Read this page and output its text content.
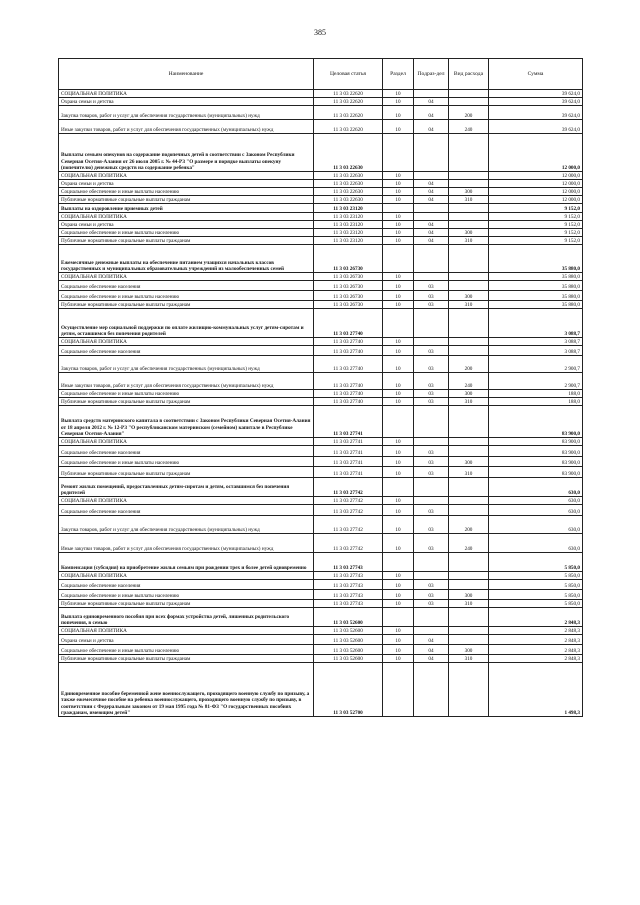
385
Наименование	Целовая статья	Раздел	Подраз-дел	Вид расхода	Сумма
СОЦИАЛЬНАЯ ПОЛИТИКА	11 3 03 22620	10			39 624,0
Охрана семьи и детства	11 3 03 22620	10	04		39 624,0
Закупка товаров, работ и услуг для обеспечения государственных (муниципальных) нужд	11 3 03 22620	10	04	200	39 624,0
Иные закупки товаров, работ и услуг для обеспечения государственных (муниципальных) нужд	11 3 03 22620	10	04	240	39 624,0
Выплаты семьям опекунов на содержание подопечных детей в соответствии с Законом Республики Северная Осетия-Алания от 26 июля 2005 г. № 44-РЗ "О размере и порядке выплаты опекуну (попечителю) денежных средств на содержание ребенка"	11 3 03 22630				12 000,0
СОЦИАЛЬНАЯ ПОЛИТИКА	11 3 03 22630	10			12 000,0
Охрана семьи и детства	11 3 03 22630	10	04		12 000,0
Социальное обеспечение и иные выплаты населению	11 3 03 22630	10	04	300	12 000,0
Публичные нормативные социальные выплаты гражданам	11 3 03 22630	10	04	310	12 000,0
Выплаты на оздоровление приемных детей	11 3 03 23120				9 152,0
СОЦИАЛЬНАЯ ПОЛИТИКА	11 3 03 23120	10			9 152,0
Охрана семьи и детства	11 3 03 23120	10	04		9 152,0
Социальное обеспечение и иные выплаты населению	11 3 03 23120	10	04	300	9 152,0
Публичные нормативные социальные выплаты гражданам	11 3 03 23120	10	04	310	9 152,0
Ежемесячные денежные выплаты на обеспечение питанием учащихся начальных классов государственных и муниципальных образовательных учреждений из малообеспеченных семей	11 3 03 26730				35 880,0
СОЦИАЛЬНАЯ ПОЛИТИКА	11 3 03 26730	10			35 880,0
Социальное обеспечение населения	11 3 03 26730	10	03		35 880,0
Социальное обеспечение и иные выплаты населению	11 3 03 26730	10	03	300	35 880,0
Публичные нормативные социальные выплаты гражданам	11 3 03 26730	10	03	310	35 880,0
Осуществление мер социальной поддержки по оплате жилищно-коммунальных услуг детям-сиротам и детям, оставшимся без попечения родителей	11 3 03 27740				3 088,7
СОЦИАЛЬНАЯ ПОЛИТИКА	11 3 03 27740	10			3 088,7
Социальное обеспечение населения	11 3 03 27740	10	03		3 088,7
Закупка товаров, работ и услуг для обеспечения государственных (муниципальных) нужд	11 3 03 27740	10	03	200	2 900,7
Иные закупки товаров, работ и услуг для обеспечения государственных (муниципальных) нужд	11 3 03 27740	10	03	240	2 900,7
Социальное обеспечение и иные выплаты населению	11 3 03 27740	10	03	300	188,0
Публичные нормативные социальные выплаты гражданам	11 3 03 27740	10	03	310	188,0
Выплата средств материнского капитала в соответствии с Законом Республики Северная Осетия-Алания от 18 апреля 2012 г. № 12-РЗ "О республиканском материнском (семейном) капитале в Республике Северная Осетия-Алания"	11 3 03 27741				83 900,0
СОЦИАЛЬНАЯ ПОЛИТИКА	11 3 03 27741	10			83 900,0
Социальное обеспечение населения	11 3 03 27741	10	03		83 900,0
Социальное обеспечение и иные выплаты населению	11 3 03 27741	10	03	300	83 900,0
Публичные нормативные социальные выплаты гражданам	11 3 03 27741	10	03	310	83 900,0
Ремонт жилых помещений, предоставленных детям-сиротам и детям, оставшимся без попечения родителей	11 3 03 27742				630,0
СОЦИАЛЬНАЯ ПОЛИТИКА	11 3 03 27742	10			630,0
Социальное обеспечение населения	11 3 03 27742	10	03		630,0
Закупка товаров, работ и услуг для обеспечения государственных (муниципальных) нужд	11 3 03 27742	10	03	200	630,0
Иные закупки товаров, работ и услуг для обеспечения государственных (муниципальных) нужд	11 3 03 27742	10	03	240	630,0
Компенсация (субсидия) на приобретение жилья семьям при рождении трех и более детей одновременно	11 3 03 27743				5 850,0
СОЦИАЛЬНАЯ ПОЛИТИКА	11 3 03 27743	10			5 850,0
Социальное обеспечение населения	11 3 03 27743	10	03		5 850,0
Социальное обеспечение и иные выплаты населению	11 3 03 27743	10	03	300	5 850,0
Публичные нормативные социальные выплаты гражданам	11 3 03 27743	10	03	310	5 850,0
Выплата единовременного пособия при всех формах устройства детей, лишенных родительского попечения, в семью	11 3 03 52600				2 848,3
СОЦИАЛЬНАЯ ПОЛИТИКА	11 3 03 52600	10			2 848,3
Охрана семьи и детства	11 3 03 52600	10	04		2 848,3
Социальное обеспечение и иные выплаты населению	11 3 03 52600	10	04	300	2 848,3
Публичные нормативные социальные выплаты гражданам	11 3 03 52600	10	04	310	2 848,3
Единовременное пособие беременной жене военнослужащего, проходящего военную службу по призыву, а также ежемесячное пособие на ребенка военнослужащего, проходящего военную службу по призыву, в соответствии с Федеральным законом от 19 мая 1995 года № 81-ФЗ "О государственных пособиях гражданам, имеющим детей"	11 3 03 52700				1 498,3
